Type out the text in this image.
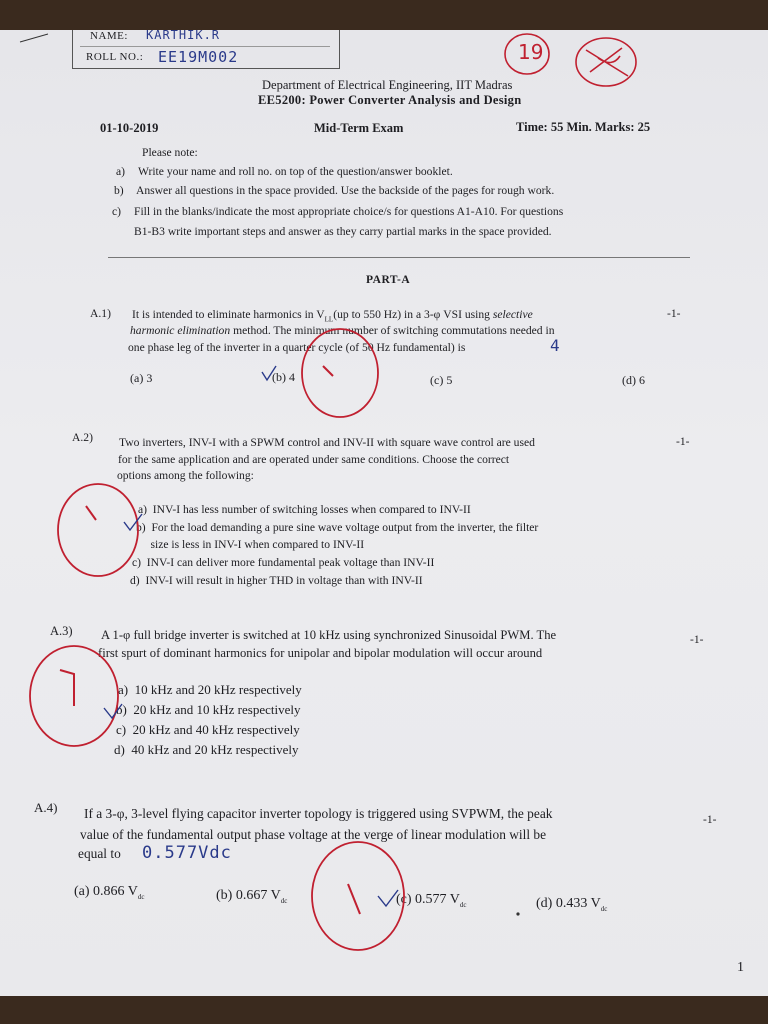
NAME: KARTHIK.R
ROLL NO.: EE19M002	19
Department of Electrical Engineering, IIT Madras
EE5200: Power Converter Analysis and Design
01-10-2019	Mid-Term Exam	Time: 55 Min. Marks: 25
Please note:
a) Write your name and roll no. on top of the question/answer booklet.
b) Answer all questions in the space provided. Use the backside of the pages for rough work.
c) Fill in the blanks/indicate the most appropriate choice/s for questions A1-A10. For questions
B1-B3 write important steps and answer as they carry partial marks in the space provided.
PART-A
A.1)	-1-
It is intended to eliminate harmonics in $V_{LL}(up$ to 550 Hz) in a 3-φ VSI using selective
harmonic elimination method. The minimum number of switching commutations needed in
one phase leg of the inverter in a quarter cycle (of 50 Hz fundamental) is	4
(a) 3	(b) 4	(c) 5	(d) 6
A.2)	-1-
Two inverters, INV-I with a SPWM control and INV-II with square wave control are used
for the same application and are operated under same conditions. Choose the correct
options among the following:
a)  INV-I has less number of switching losses when compared to INV-II
b)  For the load demanding a pure sine wave voltage output from the inverter, the filter
size is less in INV-I when compared to INV-II
c)  INV-I can deliver more fundamental peak voltage than INV-II
d)  INV-I will result in higher THD in voltage than with INV-II
A.3)
-1-
A 1-φ full bridge inverter is switched at 10 kHz using synchronized Sinusoidal PWM. The
first spurt of dominant harmonics for unipolar and bipolar modulation will occur around
a)  10 kHz and 20 kHz respectively
b)  20 kHz and 10 kHz respectively
c)  20 kHz and 40 kHz respectively
d)  40 kHz and 20 kHz respectively
A.4)
-1-
If a 3-φ, 3-level flying capacitor inverter topology is triggered using SVPWM, the peak
value of the fundamental output phase voltage at the verge of linear modulation will be
equal to 0.577Vdc
(a) 0.866 $V_{dc}$	(b) 0.667 $V_{dc}$	(c) 0.577 $V_{dc}$	(d) 0.433 $V_{dc}$
1
